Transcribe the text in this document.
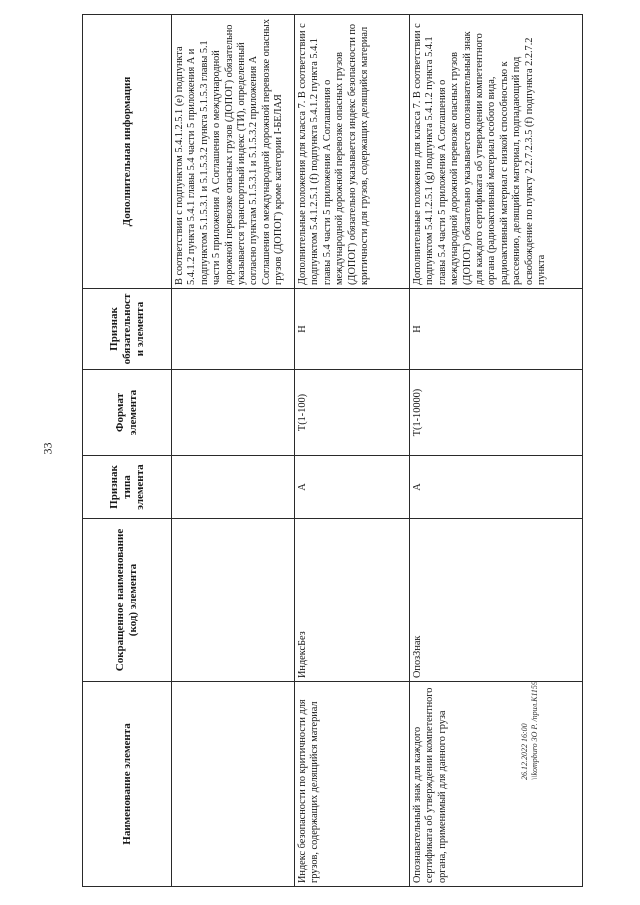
33
26.12.2022 16:00 \\kompburo 3О Р. /прил.К1159
Наименование элемента	Сокращенное наименование (код) элемента	Признак типа элемента	Формат элемента	Признак обязательности элемента	Дополнительная информация
					В соответствии с подпунктом 5.4.1.2.5.1 (e) подпункта 5.4.1.2 пункта 5.4.1 главы 5.4 части 5 приложения А и подпунктом 5.1.5.3.1 и 5.1.5.3.2 пункта 5.1.5.3 главы 5.1 части 5 приложения А Соглашения о международной дорожной перевозке опасных грузов (ДОПОГ) обязательно указывается транспортный индекс (ТИ), определенный согласно пунктам 5.1.5.3.1 и 5.1.5.3.2 приложения А Соглашения о международной дорожной перевозке опасных грузов (ДОПОГ) кроме категории I-БЕЛАЯ
Индекс безопасности по критичности для грузов, содержащих делящийся материал	ИндексБез	А	T(1-100)	Н	Дополнительные положения для класса 7. В соответствии с подпунктом 5.4.1.2.5.1 (f) подпункта 5.4.1.2 пункта 5.4.1 главы 5.4 части 5 приложения А Соглашения о международной дорожной перевозке опасных грузов (ДОПОГ) обязательно указывается индекс безопасности по критичности для грузов, содержащих делящийся материал
Опознавательный знак для каждого сертификата об утверждении компетентного органа, применимый для данного груза	ОпозЗнак	А	T(1-10000)	Н	Дополнительные положения для класса 7. В соответствии с подпунктом 5.4.1.2.5.1 (g) подпункта 5.4.1.2 пункта 5.4.1 главы 5.4 части 5 приложения А Соглашения о международной дорожной перевозке опасных грузов (ДОПОГ) обязательно указывается опознавательный знак для каждого сертификата об утверждении компетентного органа (радиоактивный материал особого вида, радиоактивный материал с низкой способностью к рассеянию, делящийся материал, подпадающий под освобождение по пункту 2.2.7.2.3.5 (f) подпункта 2.2.7.2 пункта
